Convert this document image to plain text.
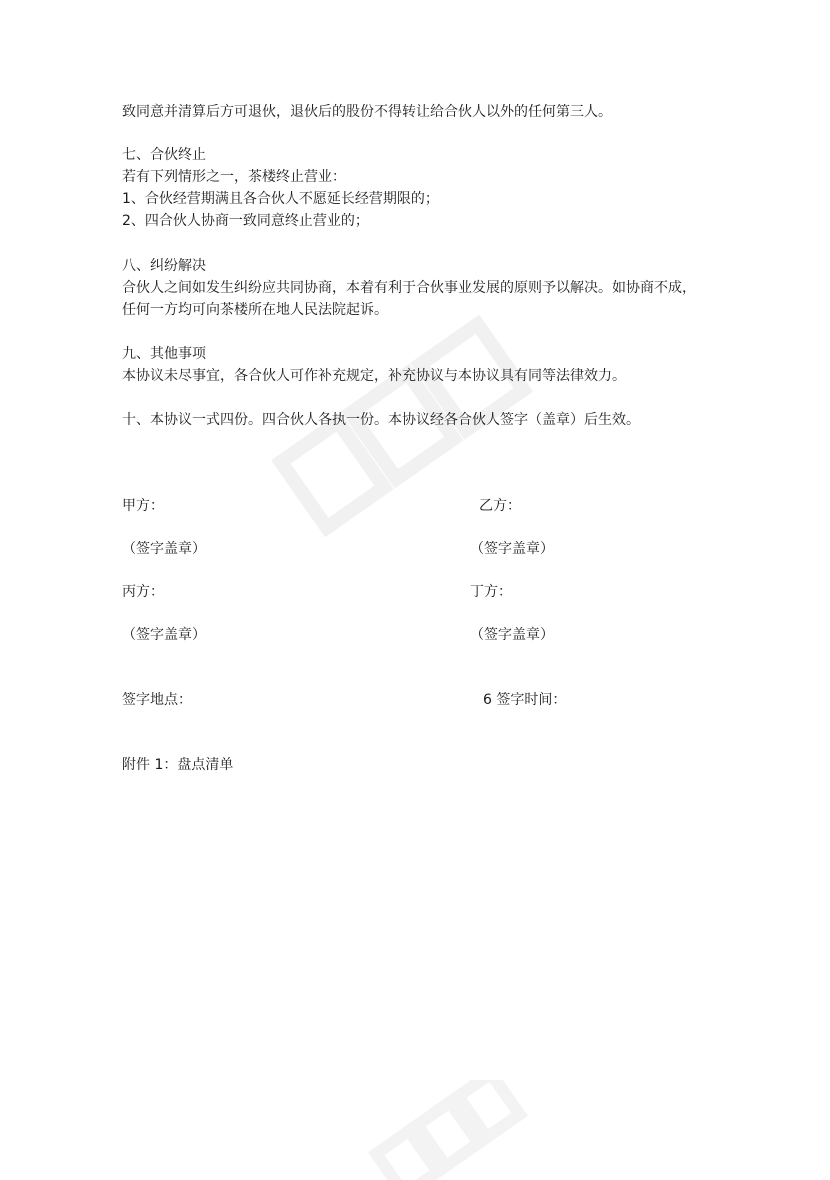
致同意并清算后方可退伙，退伙后的股份不得转让给合伙人以外的任何第三人。
七、合伙终止
若有下列情形之一，茶楼终止营业：
1、合伙经营期满且各合伙人不愿延长经营期限的；
2、四合伙人协商一致同意终止营业的；
八、纠纷解决
合伙人之间如发生纠纷应共同协商，本着有利于合伙事业发展的原则予以解决。如协商不成，
任何一方均可向茶楼所在地人民法院起诉。
九、其他事项
本协议未尽事宜，各合伙人可作补充规定，补充协议与本协议具有同等法律效力。
十、本协议一式四份。四合伙人各执一份。本协议经各合伙人签字（盖章）后生效。
甲方：	乙方：
（签字盖章）	（签字盖章）
丙方：	丁方：
（签字盖章）	（签字盖章）
签字地点：	6 签字时间：
附件 1：盘点清单
